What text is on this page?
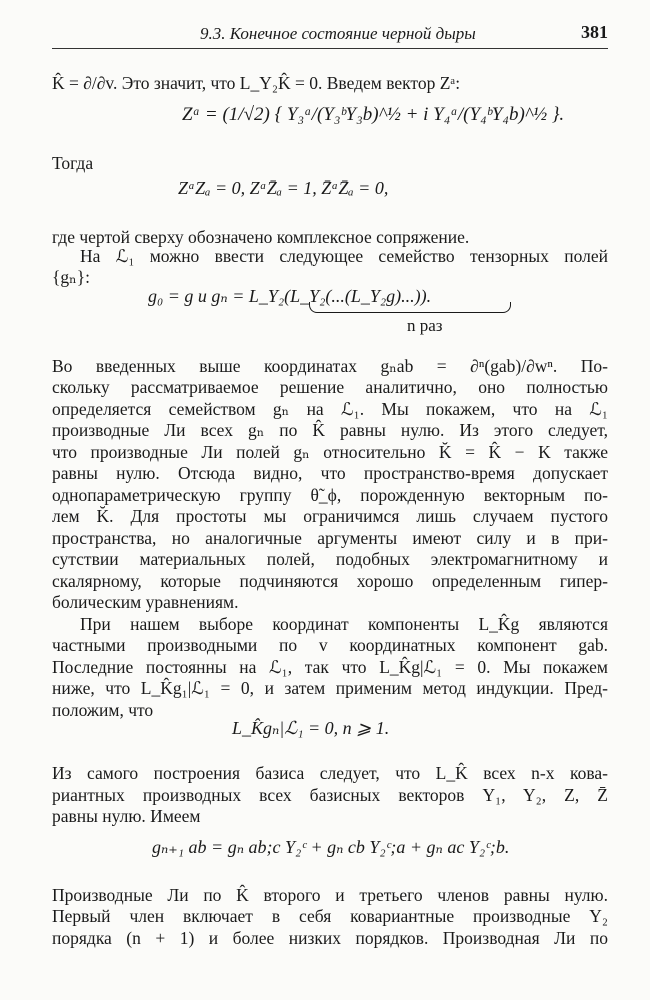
9.3. Конечное состояние черной дыры	381
K̂ = ∂/∂v. Это значит, что L_Y₂K̂ = 0. Введем вектор Zᵃ:
Zᵃ = (1/√2) { Y₃ᵃ/(Y₃ᵇY₃b)^½ + i Y₄ᵃ/(Y₄ᵇY₄b)^½ }.
Тогда
ZᵃZₐ = 0, ZᵃZ̄ₐ = 1, Z̄ᵃZ̄ₐ = 0,
где чертой сверху обозначено комплексное сопряжение.
На ℒ₁ можно ввести следующее семейство тензорных полей
{gₙ}:
g₀ = g и gₙ = L_Y₂(L_Y₂(...(L_Y₂g)...)).
n раз
Во введенных выше координатах gₙab = ∂ⁿ(gab)/∂wⁿ. По-
скольку рассматриваемое решение аналитично, оно полностью
определяется семейством gₙ на ℒ₁. Мы покажем, что на ℒ₁
производные Ли всех gₙ по K̂ равны нулю. Из этого следует,
что производные Ли полей gₙ относительно K̆ = K̂ − K также
равны нулю. Отсюда видно, что пространство-время допускает
однопараметрическую группу θ̃_ϕ, порожденную векторным по-
лем K̆. Для простоты мы ограничимся лишь случаем пустого
пространства, но аналогичные аргументы имеют силу и в при-
сутствии материальных полей, подобных электромагнитному и
скалярному, которые подчиняются хорошо определенным гипер-
болическим уравнениям.
При нашем выборе координат компоненты L_K̂g являются
частными производными по v координатных компонент gab.
Последние постоянны на ℒ₁, так что L_K̂g|ℒ₁ = 0. Мы покажем
ниже, что L_K̂g₁|ℒ₁ = 0, и затем применим метод индукции. Пред-
положим, что
L_K̂gₙ|ℒ₁ = 0, n ⩾ 1.
Из самого построения базиса следует, что L_K̂ всех n-х кова-
риантных производных всех базисных векторов Y₁, Y₂, Z, Z̄
равны нулю. Имеем
gₙ₊₁ ab = gₙ ab;c Y₂ᶜ + gₙ cb Y₂ᶜ;a + gₙ ac Y₂ᶜ;b.
Производные Ли по K̂ второго и третьего членов равны нулю.
Первый член включает в себя ковариантные производные Y₂
порядка (n + 1) и более низких порядков. Производная Ли по
